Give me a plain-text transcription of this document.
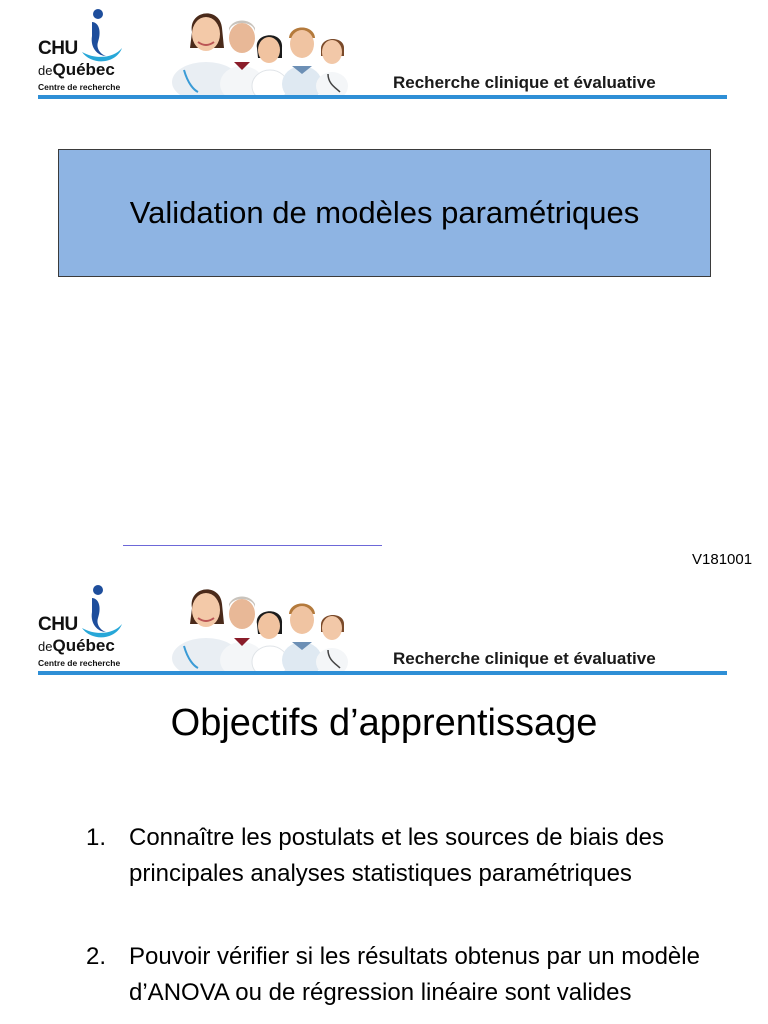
CHU
deQuébec
Centre de recherche	Recherche clinique et évaluative
Validation de modèles paramétriques
V181001
CHU
deQuébec
Centre de recherche	Recherche clinique et évaluative
Objectifs d’apprentissage
1. Connaître les postulats et les sources de biais des principales analyses statistiques paramétriques
2. Pouvoir vérifier si les résultats obtenus par un modèle d’ANOVA ou de régression linéaire sont valides
